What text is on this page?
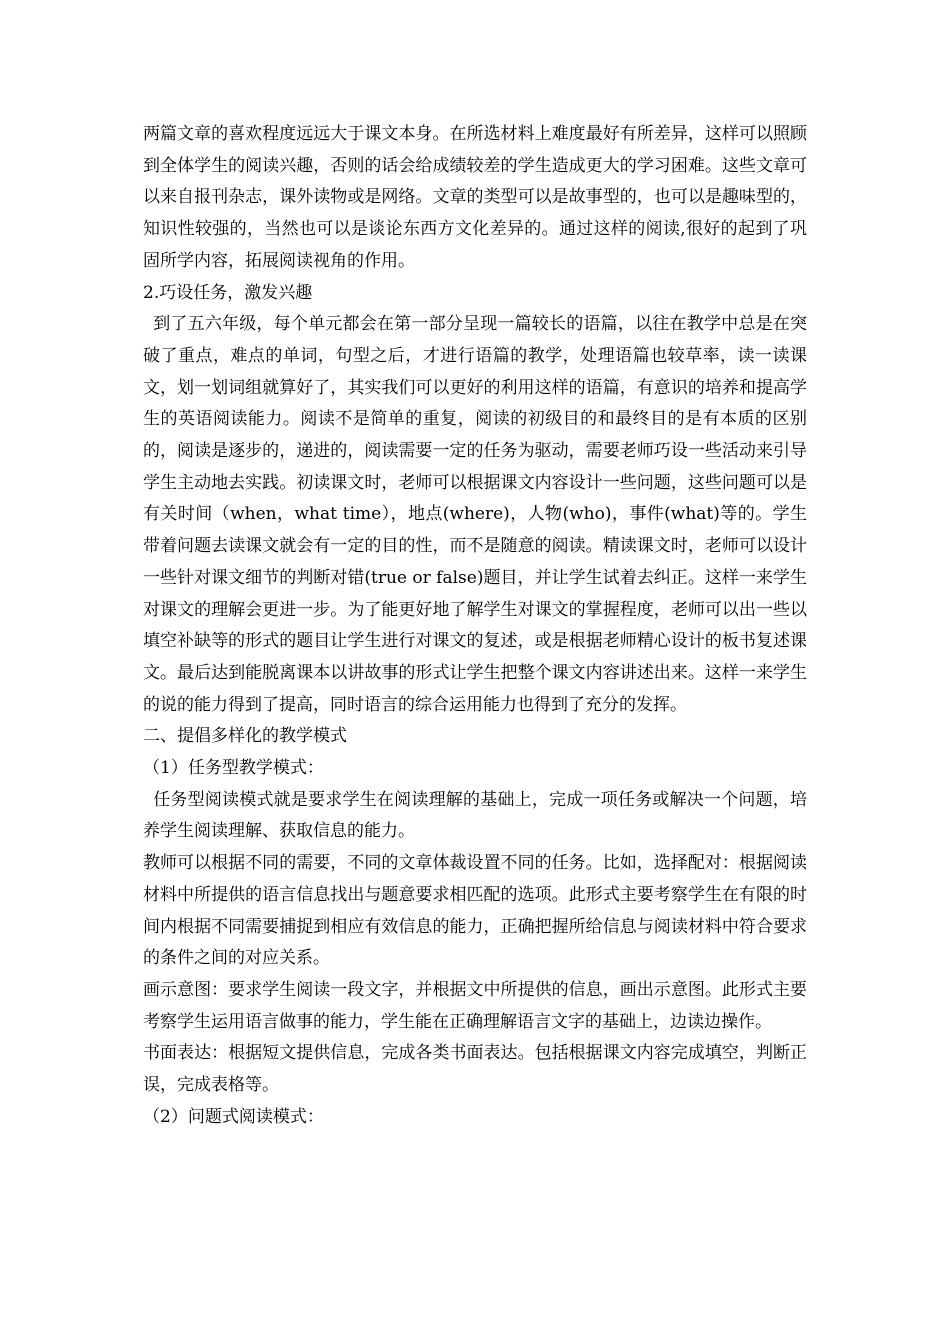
两篇文章的喜欢程度远远大于课文本身。在所选材料上难度最好有所差异，这样可以照顾到全体学生的阅读兴趣，否则的话会给成绩较差的学生造成更大的学习困难。这些文章可以来自报刊杂志，课外读物或是网络。文章的类型可以是故事型的，也可以是趣味型的，知识性较强的，当然也可以是谈论东西方文化差异的。通过这样的阅读,很好的起到了巩固所学内容，拓展阅读视角的作用。

2.巧设任务，激发兴趣

到了五六年级，每个单元都会在第一部分呈现一篇较长的语篇，以往在教学中总是在突破了重点，难点的单词，句型之后，才进行语篇的教学，处理语篇也较草率，读一读课文，划一划词组就算好了，其实我们可以更好的利用这样的语篇，有意识的培养和提高学生的英语阅读能力。阅读不是简单的重复，阅读的初级目的和最终目的是有本质的区别的，阅读是逐步的，递进的，阅读需要一定的任务为驱动，需要老师巧设一些活动来引导学生主动地去实践。初读课文时，老师可以根据课文内容设计一些问题，这些问题可以是有关时间（when，what time），地点(where)，人物(who)，事件(what)等的。学生带着问题去读课文就会有一定的目的性，而不是随意的阅读。精读课文时，老师可以设计一些针对课文细节的判断对错(true or false)题目，并让学生试着去纠正。这样一来学生对课文的理解会更进一步。为了能更好地了解学生对课文的掌握程度，老师可以出一些以填空补缺等的形式的题目让学生进行对课文的复述，或是根据老师精心设计的板书复述课文。最后达到能脱离课本以讲故事的形式让学生把整个课文内容讲述出来。这样一来学生的说的能力得到了提高，同时语言的综合运用能力也得到了充分的发挥。

二、提倡多样化的教学模式

（1）任务型教学模式：

任务型阅读模式就是要求学生在阅读理解的基础上，完成一项任务或解决一个问题，培养学生阅读理解、获取信息的能力。

教师可以根据不同的需要，不同的文章体裁设置不同的任务。比如，选择配对：根据阅读材料中所提供的语言信息找出与题意要求相匹配的选项。此形式主要考察学生在有限的时间内根据不同需要捕捉到相应有效信息的能力，正确把握所给信息与阅读材料中符合要求的条件之间的对应关系。

画示意图：要求学生阅读一段文字，并根据文中所提供的信息，画出示意图。此形式主要考察学生运用语言做事的能力，学生能在正确理解语言文字的基础上，边读边操作。

书面表达：根据短文提供信息，完成各类书面表达。包括根据课文内容完成填空，判断正误，完成表格等。

（2）问题式阅读模式：
